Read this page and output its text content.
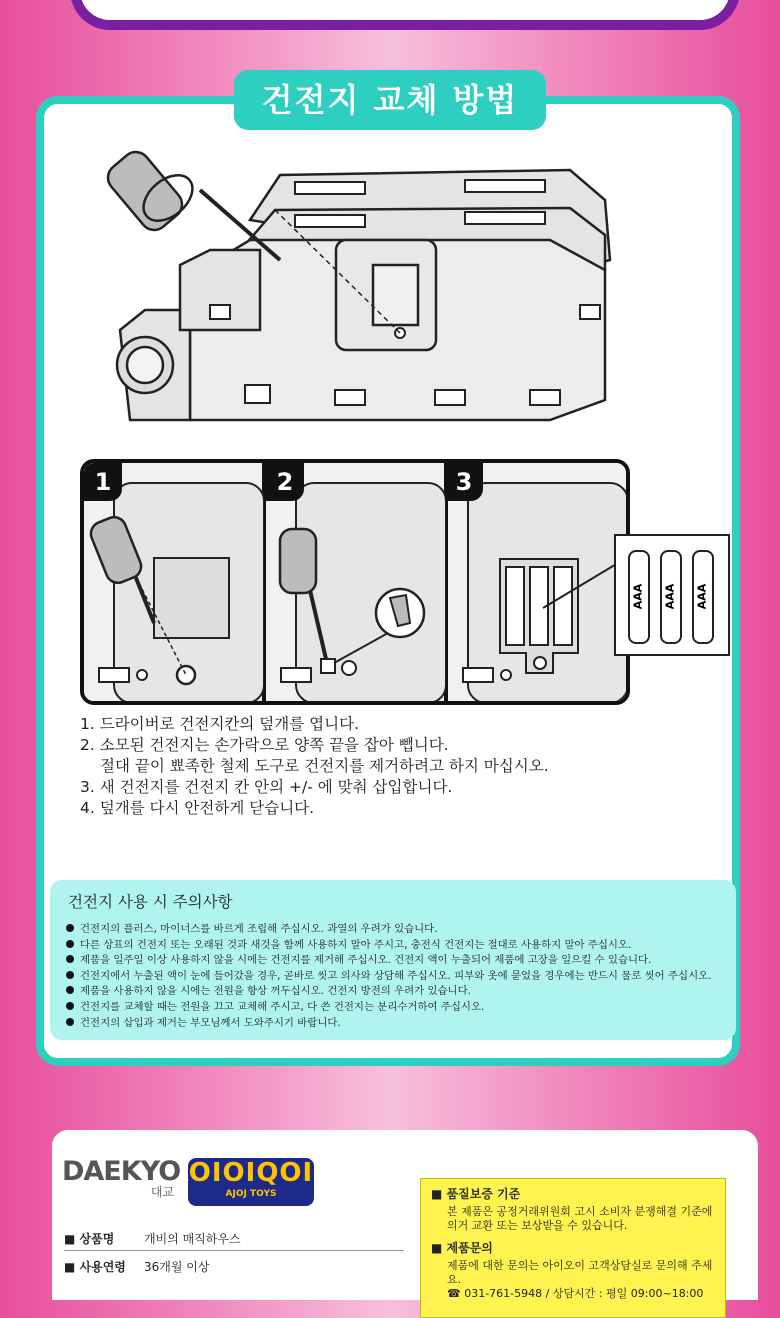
건전지 교체 방법
1	2	3
AAA AAA AAA
1. 드라이버로 건전지칸의 덮개를 엽니다.
2. 소모된 건전지는 손가락으로 양쪽 끝을 잡아 뺍니다.
절대 끝이 뾰족한 철제 도구로 건전지를 제거하려고 하지 마십시오.
3. 새 건전지를 건전지 칸 안의 +/- 에 맞춰 삽입합니다.
4. 덮개를 다시 안전하게 닫습니다.
건전지 사용 시 주의사항
건전지의 플러스, 마이너스를 바르게 조립해 주십시오. 과열의 우려가 있습니다.
다른 상표의 건전지 또는 오래된 것과 새것을 함께 사용하지 말아 주시고, 충전식 건전지는 절대로 사용하지 말아 주십시오.
제품을 일주일 이상 사용하지 않을 시에는 건전지를 제거해 주십시오. 건전지 액이 누출되어 제품에 고장을 일으킬 수 있습니다.
건전지에서 누출된 액이 눈에 들어갔을 경우, 곧바로 씻고 의사와 상담해 주십시오. 피부와 옷에 묻었을 경우에는 반드시 물로 씻어 주십시오.
제품을 사용하지 않을 시에는 전원을 항상 꺼두십시오. 건전지 방전의 우려가 있습니다.
건전지를 교체할 때는 전원을 끄고 교체해 주시고, 다 쓴 건전지는 분리수거하여 주십시오.
건전지의 삽입과 제거는 부모님께서 도와주시기 바랍니다.
DAEKYO
대교
OIOIQOI
AJOJ TOYS
■ 상품명 개비의 매직하우스
■ 사용연령 36개월 이상
■ 품질보증 기준
본 제품은 공정거래위원회 고시 소비자 분쟁해결 기준에 의거 교환 또는 보상받을 수 있습니다.
■ 제품문의
제품에 대한 문의는 아이오이 고객상담실로 문의해 주세요.
☎ 031-761-5948 / 상담시간 : 평일 09:00~18:00
